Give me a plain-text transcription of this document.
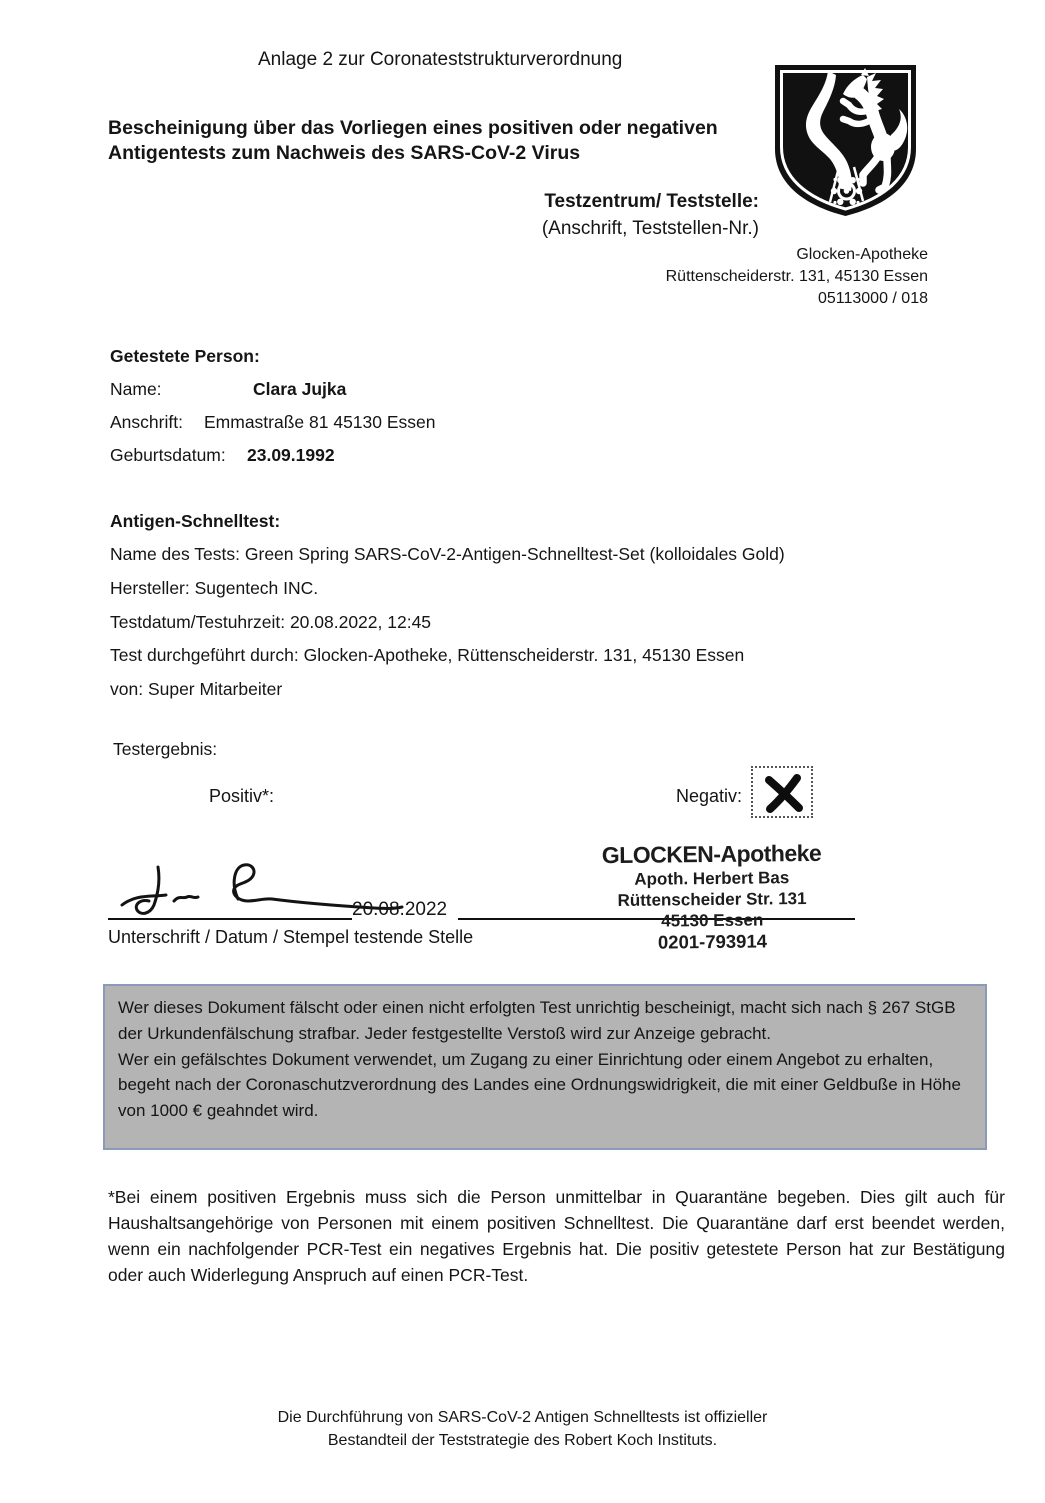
Anlage 2 zur Coronateststrukturverordnung
Bescheinigung über das Vorliegen eines positiven oder negativen
Antigentests zum Nachweis des SARS-CoV-2 Virus
Testzentrum/ Teststelle:
(Anschrift, Teststellen-Nr.)
Glocken-Apotheke
Rüttenscheiderstr. 131, 45130 Essen
05113000 / 018
Getestete Person:
Name:	Clara Jujka
Anschrift: Emmastraße 81 45130 Essen
Geburtsdatum: 23.09.1992
Antigen-Schnelltest:
Name des Tests: Green Spring SARS-CoV-2-Antigen-Schnelltest-Set (kolloidales Gold)
Hersteller: Sugentech INC.
Testdatum/Testuhrzeit: 20.08.2022, 12:45
Test durchgeführt durch: Glocken-Apotheke, Rüttenscheiderstr. 131, 45130 Essen
von: Super Mitarbeiter
Testergebnis:
Positiv*:	Negativ:
20.08.2022
GLOCKEN-Apotheke
Apoth. Herbert Bas
Rüttenscheider Str. 131
45130 Essen
0201-793914
Unterschrift / Datum / Stempel testende Stelle

Wer dieses Dokument fälscht oder einen nicht erfolgten Test unrichtig bescheinigt, macht sich nach § 267 StGB der Urkundenfälschung strafbar. Jeder festgestellte Verstoß wird zur Anzeige gebracht.

Wer ein gefälschtes Dokument verwendet, um Zugang zu einer Einrichtung oder einem Angebot zu erhalten, begeht nach der Coronaschutzverordnung des Landes eine Ordnungswidrigkeit, die mit einer Geldbuße in Höhe von 1000 € geahndet wird.

*Bei einem positiven Ergebnis muss sich die Person unmittelbar in Quarantäne begeben. Dies gilt auch für Haushaltsangehörige von Personen mit einem positiven Schnelltest. Die Quarantäne darf erst beendet werden, wenn ein nachfolgender PCR-Test ein negatives Ergebnis hat. Die positiv getestete Person hat zur Bestätigung oder auch Widerlegung Anspruch auf einen PCR-Test.
Die Durchführung von SARS-CoV-2 Antigen Schnelltests ist offizieller
Bestandteil der Teststrategie des Robert Koch Instituts.
